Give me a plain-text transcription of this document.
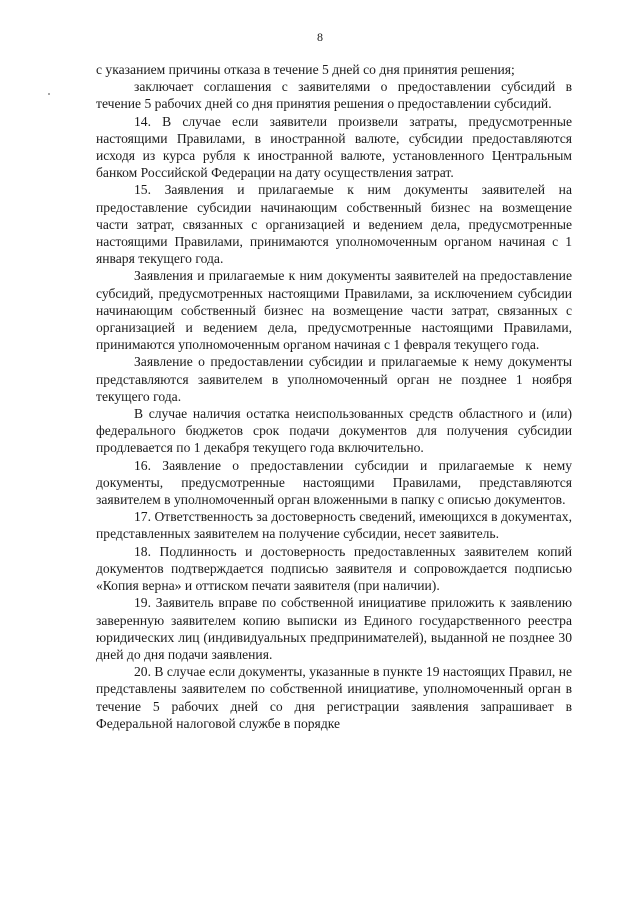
8

с указанием причины отказа в течение 5 дней со дня принятия решения;

заключает соглашения с заявителями о предоставлении субсидий в течение 5 рабочих дней со дня принятия решения о предоставлении субсидий.

14. В случае если заявители произвели затраты, предусмотренные настоящими Правилами, в иностранной валюте, субсидии предоставляются исходя из курса рубля к иностранной валюте, установленного Центральным банком Российской Федерации на дату осуществления затрат.

15. Заявления и прилагаемые к ним документы заявителей на предоставление субсидии начинающим собственный бизнес на возмещение части затрат, связанных с организацией и ведением дела, предусмотренные настоящими Правилами, принимаются уполномоченным органом начиная с 1 января текущего года.

Заявления и прилагаемые к ним документы заявителей на предоставление субсидий, предусмотренных настоящими Правилами, за исключением субсидии начинающим собственный бизнес на возмещение части затрат, связанных с организацией и ведением дела, предусмотренные настоящими Правилами, принимаются уполномоченным органом начиная с 1 февраля текущего года.

Заявление о предоставлении субсидии и прилагаемые к нему документы представляются заявителем в уполномоченный орган не позднее 1 ноября текущего года.

В случае наличия остатка неиспользованных средств областного и (или) федерального бюджетов срок подачи документов для получения субсидии продлевается по 1 декабря текущего года включительно.

16. Заявление о предоставлении субсидии и прилагаемые к нему документы, предусмотренные настоящими Правилами, представляются заявителем в уполномоченный орган вложенными в папку с описью документов.

17. Ответственность за достоверность сведений, имеющихся в документах, представленных заявителем на получение субсидии, несет заявитель.

18. Подлинность и достоверность предоставленных заявителем копий документов подтверждается подписью заявителя и сопровождается подписью «Копия верна» и оттиском печати заявителя (при наличии).

19. Заявитель вправе по собственной инициативе приложить к заявлению заверенную заявителем копию выписки из Единого государственного реестра юридических лиц (индивидуальных предпринимателей), выданной не позднее 30 дней до дня подачи заявления.

20. В случае если документы, указанные в пункте 19 настоящих Правил, не представлены заявителем по собственной инициативе, уполномоченный орган в течение 5 рабочих дней со дня регистрации заявления запрашивает в Федеральной налоговой службе в порядке
